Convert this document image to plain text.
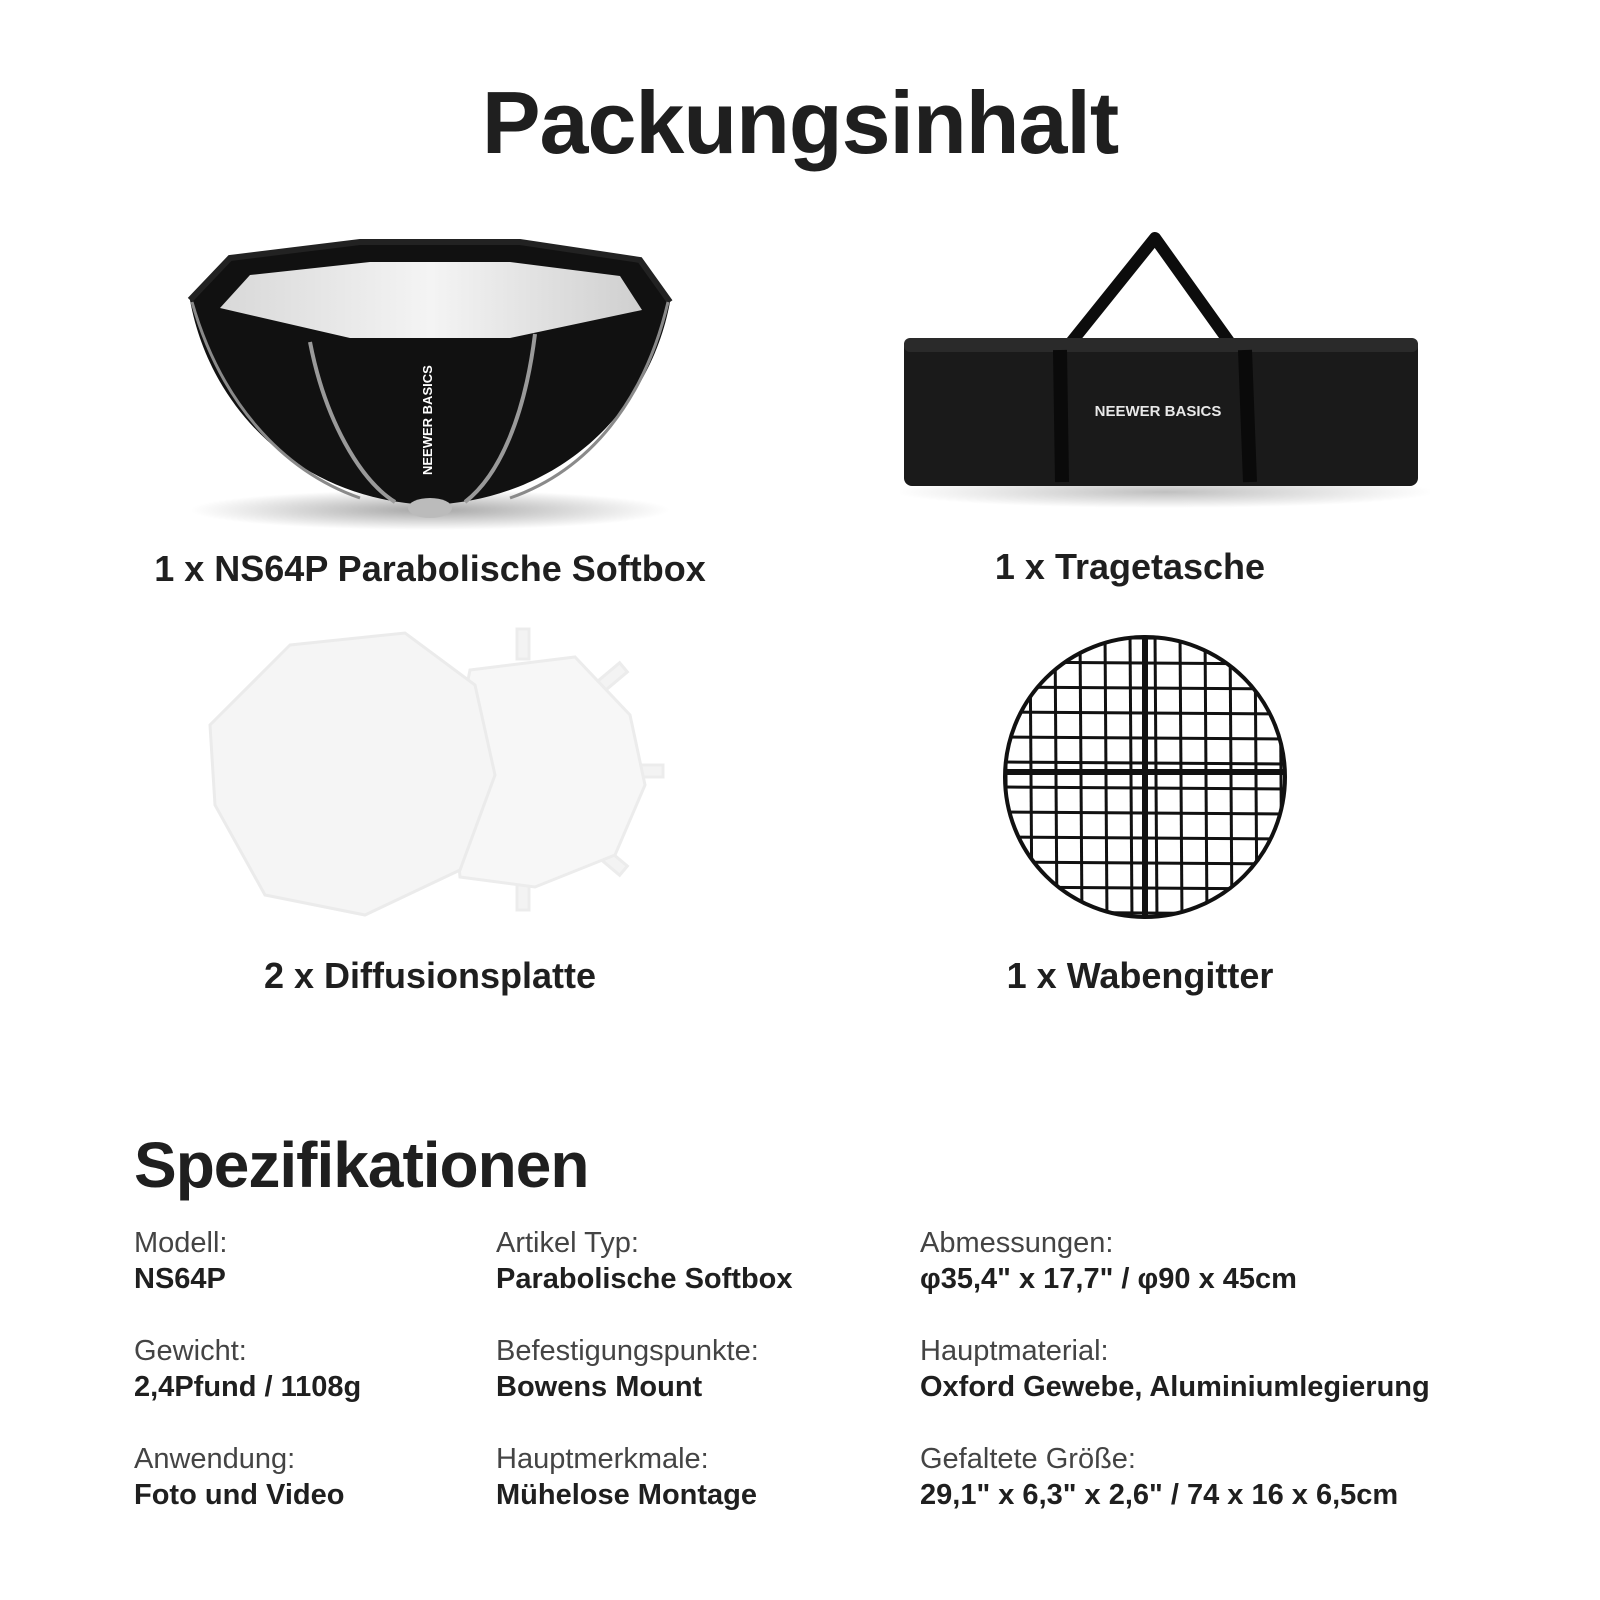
Packungsinhalt
NEEWER BASICS
1 x NS64P Parabolische Softbox
NEEWER BASICS
1 x Tragetasche
2 x Diffusionsplatte	1 x Wabengitter
Spezifikationen
Modell:
NS64P
Artikel Typ:
Parabolische Softbox
Abmessungen:
φ35,4" x 17,7" / φ90 x 45cm
Gewicht:
2,4Pfund / 1108g
Befestigungspunkte:
Bowens Mount
Hauptmaterial:
Oxford Gewebe, Aluminiumlegierung
Anwendung:
Foto und Video
Hauptmerkmale:
Mühelose Montage
Gefaltete Größe:
29,1" x 6,3" x 2,6" / 74 x 16 x 6,5cm
